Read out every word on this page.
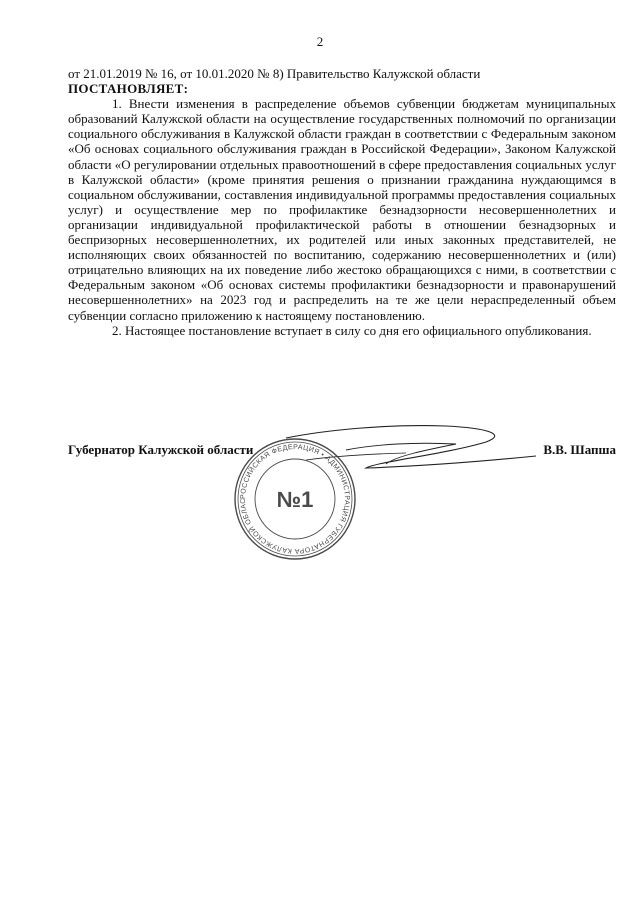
2

от 21.01.2019 № 16, от 10.01.2020 № 8) Правительство Калужской области

ПОСТАНОВЛЯЕТ:

1. Внести изменения в распределение объемов субвенции бюджетам муниципальных образований Калужской области на осуществление государственных полномочий по организации социального обслуживания в Калужской области граждан в соответствии с Федеральным законом «Об основах социального обслуживания граждан в Российской Федерации», Законом Калужской области «О регулировании отдельных правоотношений в сфере предоставления социальных услуг в Калужской области» (кроме принятия решения о признании гражданина нуждающимся в социальном обслуживании, составления индивидуальной программы предоставления социальных услуг) и осуществление мер по профилактике безнадзорности несовершеннолетних и организации индивидуальной профилактической работы в отношении безнадзорных и беспризорных несовершеннолетних, их родителей или иных законных представителей, не исполняющих своих обязанностей по воспитанию, содержанию несовершеннолетних и (или) отрицательно влияющих на их поведение либо жестоко обращающихся с ними, в соответствии с Федеральным законом «Об основах системы профилактики безнадзорности и правонарушений несовершеннолетних» на 2023 год и распределить на те же цели нераспределенный объем субвенции согласно приложению к настоящему постановлению.

2. Настоящее постановление вступает в силу со дня его официального опубликования.

Губернатор Калужской области	В.В. Шапша
РОССИЙСКАЯ ФЕДЕРАЦИЯ • АДМИНИСТРАЦИЯ ГУБЕРНАТОРА КАЛУЖСКОЙ ОБЛАС	№1
